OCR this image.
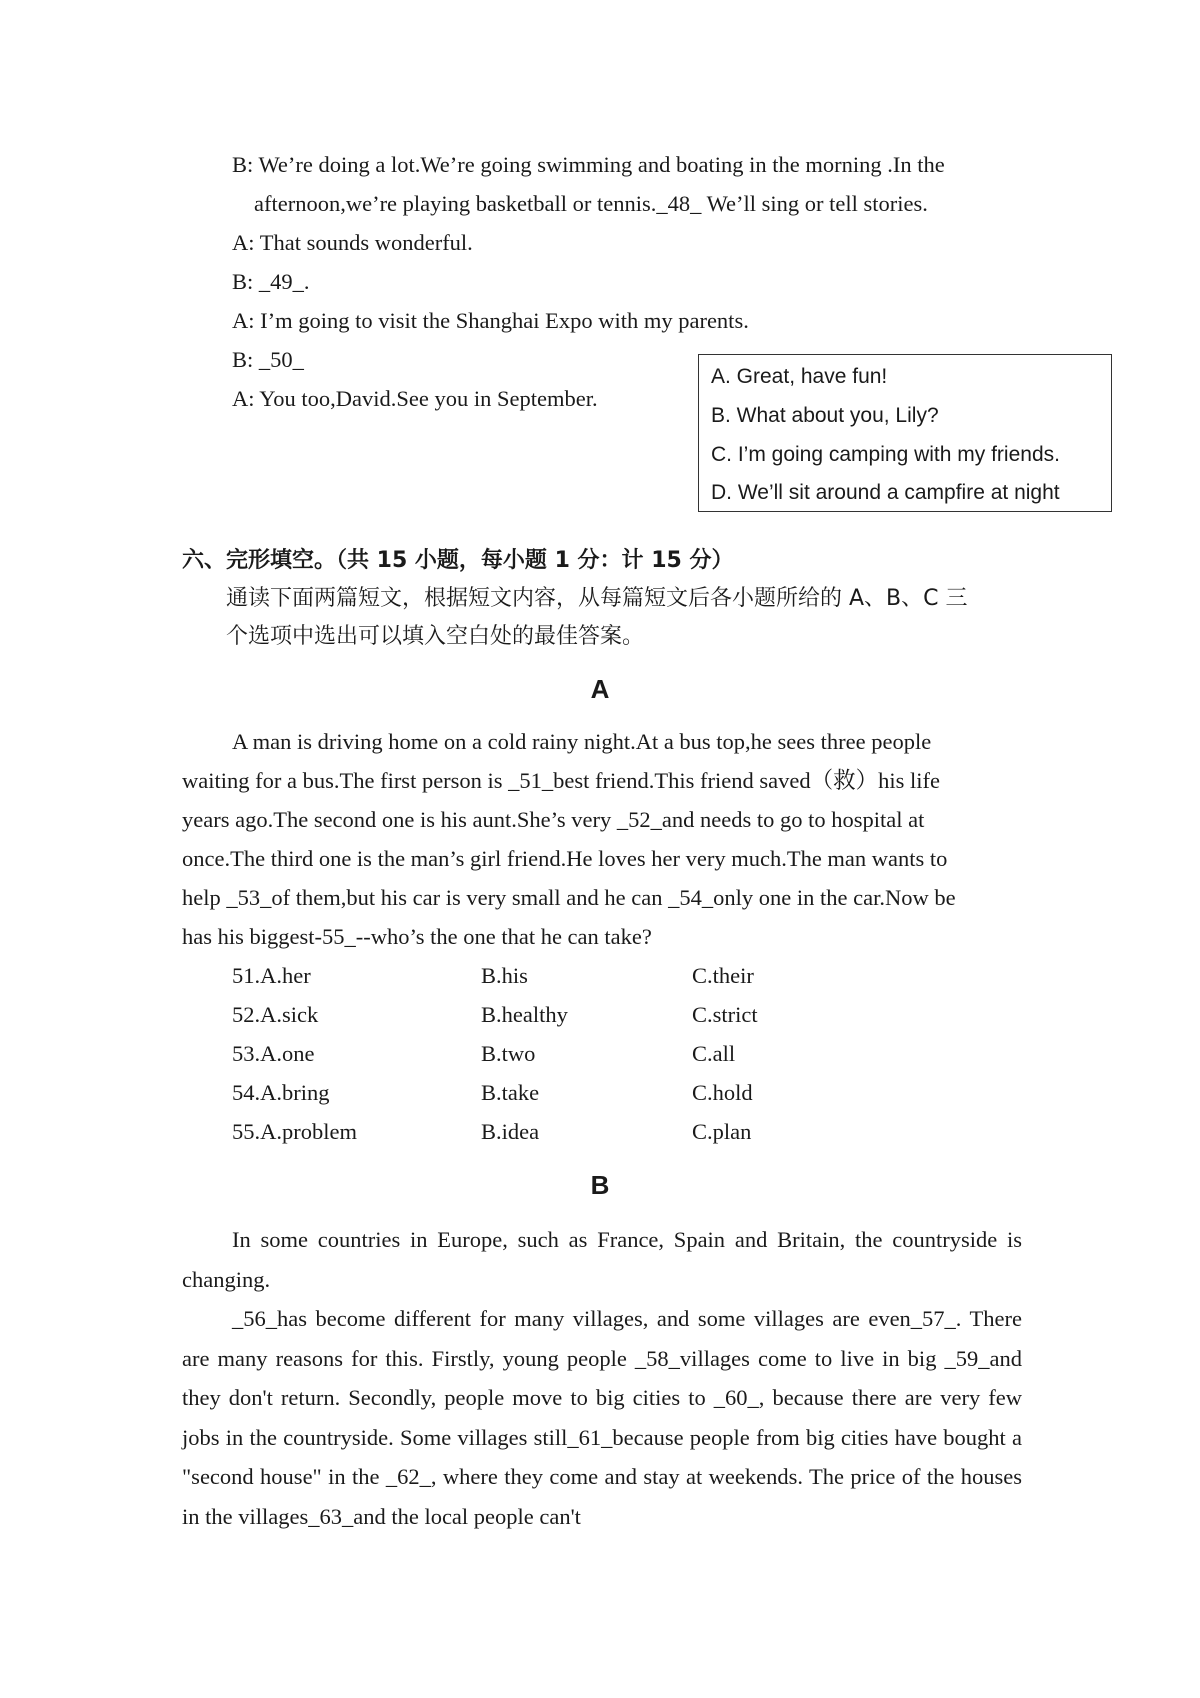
B: We’re doing a lot.We’re going swimming and boating in the morning .In the
afternoon,we’re playing basketball or tennis._48_ We’ll sing or tell stories.
A: That sounds wonderful.
B: _49_.
A: I’m going to visit the Shanghai Expo with my parents.
B: _50_
A: You too,David.See you in September.
A. Great, have fun!
B. What about you, Lily?
C. I’m going camping with my friends.
D. We’ll sit around a campfire at night
六、完形填空。（共 15 小题，每小题 1 分：计 15 分）
通读下面两篇短文，根据短文内容，从每篇短文后各小题所给的 A、B、C 三
个选项中选出可以填入空白处的最佳答案。
A
A man is driving home on a cold rainy night.At a bus top,he sees three people
waiting for a bus.The first person is _51_best friend.This friend saved（救）his life
years ago.The second one is his aunt.She’s very _52_and needs to go to hospital at
once.The third one is the man’s girl friend.He loves her very much.The man wants to
help _53_of them,but his car is very small and he can _54_only one in the car.Now be
has his biggest-55_--who’s the one that he can take?
51.A.her	B.his	C.their
52.A.sick	B.healthy	C.strict
53.A.one	B.two	C.all
54.A.bring	B.take	C.hold
55.A.problem	B.idea	C.plan
B
In some countries in Europe, such as France, Spain and Britain, the countryside is changing.
_56_has become different for many villages, and some villages are even_57_. There are many reasons for this. Firstly, young people _58_villages come to live in big _59_and they don't return. Secondly, people move to big cities to _60_, because there are very few jobs in the countryside. Some villages still_61_because people from big cities have bought a "second house" in the _62_, where they come and stay at weekends. The price of the houses in the villages_63_and the local people can't
